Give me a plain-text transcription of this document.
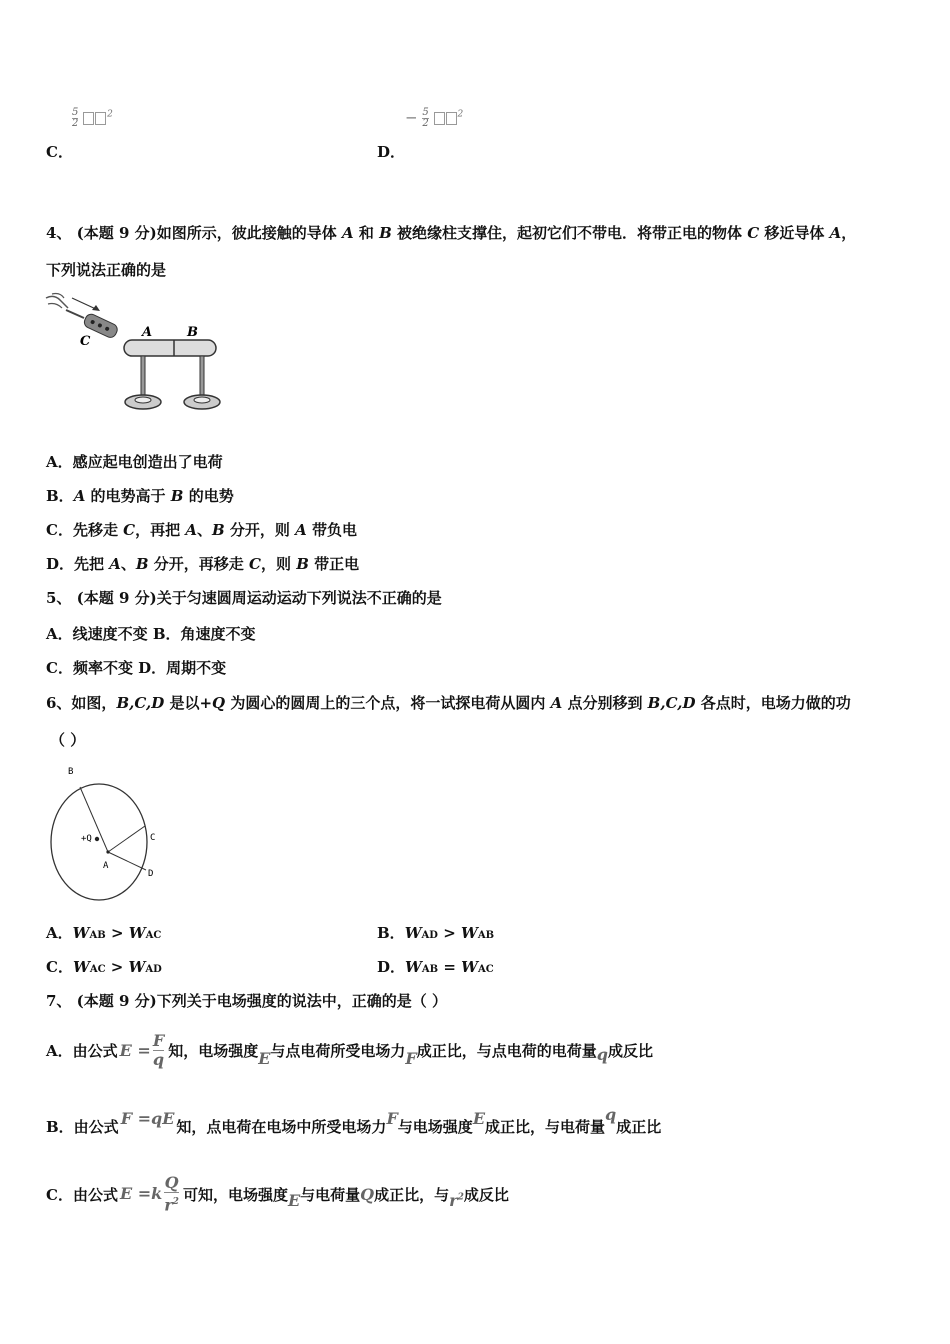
$\frac{5}{2}$	$^2$
C．
− $\frac{5}{2}$	$^2$
D．
4、 (本题 9 分)如图所示，彼此接触的导体 A 和 B 被绝缘柱支撑住，起初它们不带电．将带正电的物体 C 移近导体 A，
下列说法正确的是
C
A	B
A．感应起电创造出了电荷
B．A 的电势高于 B 的电势
C．先移走 C，再把 A、B 分开，则 A 带负电
D．先把 A、B 分开，再移走 C，则 B 带正电
5、 (本题 9 分)关于匀速圆周运动运动下列说法不正确的是
A．线速度不变 B．角速度不变
C．频率不变 D．周期不变
6、如图，B,C,D 是以+Q 为圆心的圆周上的三个点，将一试探电荷从圆内 A 点分别移到 B,C,D 各点时，电场力做的功
（ ）
B
C
D
A
+Q
A．WAB > WAC	B．WAD > WAB
C．WAC > WAD	D．WAB = WAC
7、 (本题 9 分)下列关于电场强度的说法中，正确的是（ ）
A．由公式 E
= $\frac{F}{q}$ 知，电场强度 E 与点电荷所受电场力 F 成正比，与点电荷的电荷量 q 成反比
B．由公式 F =qE 知，点电荷在电场中所受电场力 F 与电场强度 E 成正比，与电荷量
q
成正比
C．由公式 E
= k
Q
$r^2$ 可知，电场强度 E 与电荷量 Q 成正比，与 $r^2$ 成反比
